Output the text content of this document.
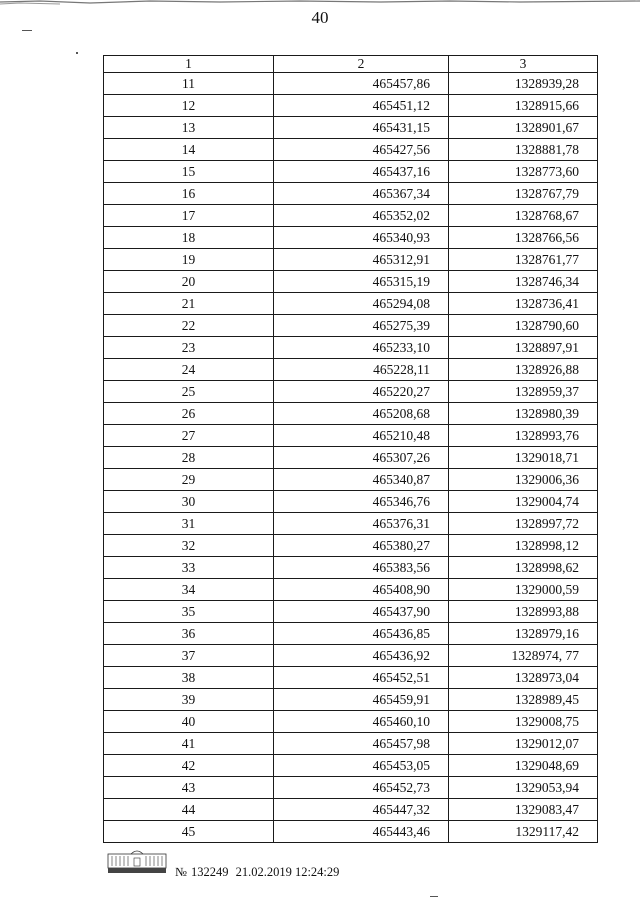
40
1	2	3
11	465457,86	1328939,28
12	465451,12	1328915,66
13	465431,15	1328901,67
14	465427,56	1328881,78
15	465437,16	1328773,60
16	465367,34	1328767,79
17	465352,02	1328768,67
18	465340,93	1328766,56
19	465312,91	1328761,77
20	465315,19	1328746,34
21	465294,08	1328736,41
22	465275,39	1328790,60
23	465233,10	1328897,91
24	465228,11	1328926,88
25	465220,27	1328959,37
26	465208,68	1328980,39
27	465210,48	1328993,76
28	465307,26	1329018,71
29	465340,87	1329006,36
30	465346,76	1329004,74
31	465376,31	1328997,72
32	465380,27	1328998,12
33	465383,56	1328998,62
34	465408,90	1329000,59
35	465437,90	1328993,88
36	465436,85	1328979,16
37	465436,92	1328974, 77
38	465452,51	1328973,04
39	465459,91	1328989,45
40	465460,10	1329008,75
41	465457,98	1329012,07
42	465453,05	1329048,69
43	465452,73	1329053,94
44	465447,32	1329083,47
45	465443,46	1329117,42
№ 132249 21.02.2019 12:24:29
